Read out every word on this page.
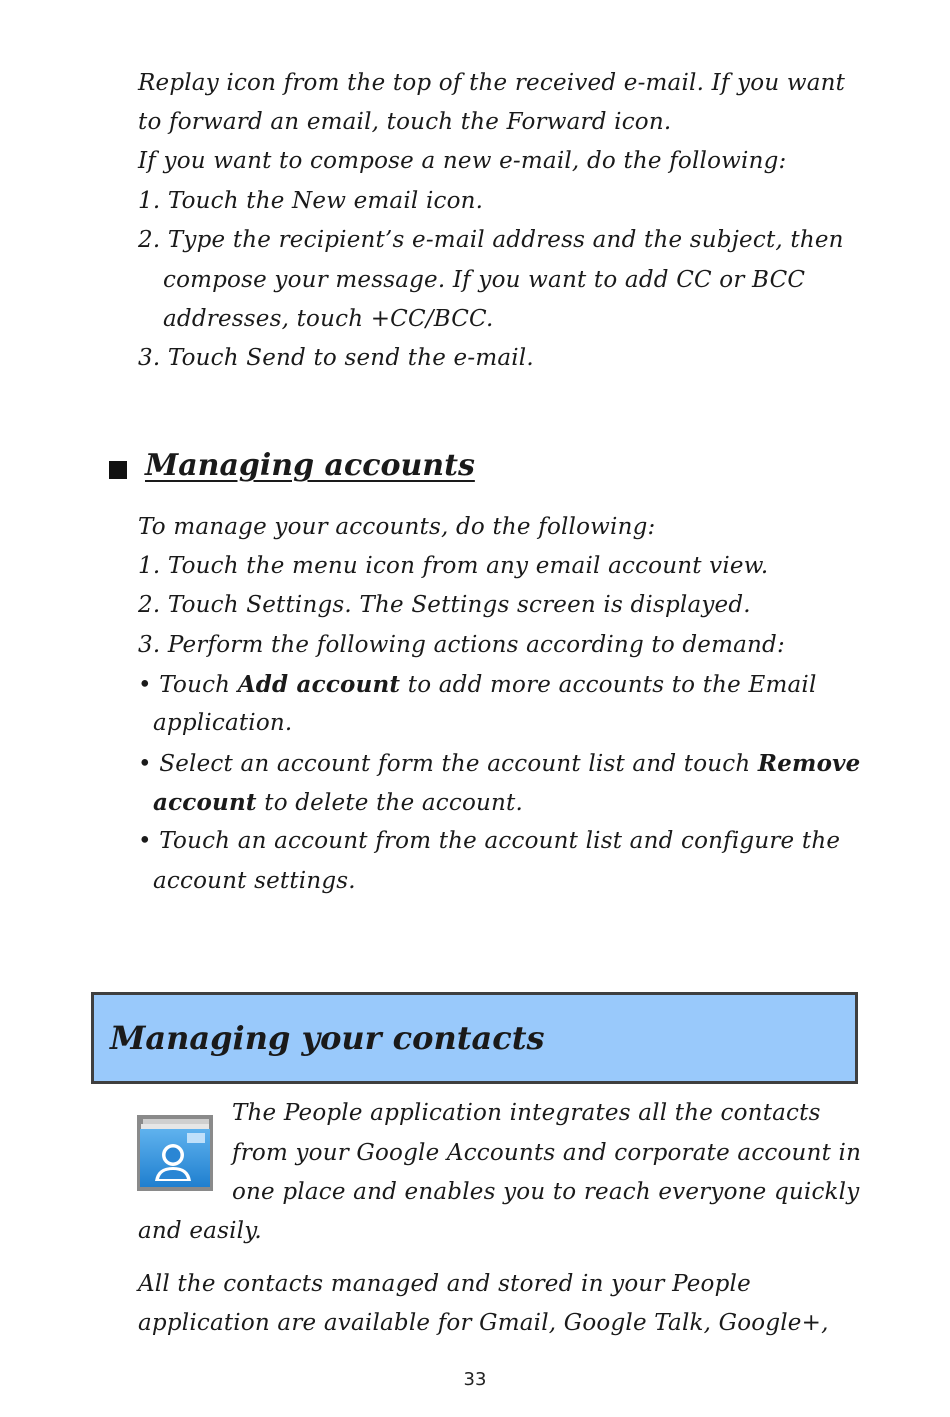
Replay icon from the top of the received e-mail. If you want
to forward an email, touch the Forward icon.
If you want to compose a new e-mail, do the following:
1. Touch the New email icon.
2. Type the recipient’s e-mail address and the subject, then
compose your message. If you want to add CC or BCC
addresses, touch +CC/BCC.
3. Touch Send to send the e-mail.
Managing accounts
To manage your accounts, do the following:
1. Touch the menu icon from any email account view.
2. Touch Settings. The Settings screen is displayed.
3. Perform the following actions according to demand:
• Touch Add account to add more accounts to the Email
application.
• Select an account form the account list and touch Remove
account to delete the account.
• Touch an account from the account list and configure the
account settings.
Managing your contacts
The People application integrates all the contacts
from your Google Accounts and corporate account in
one place and enables you to reach everyone quickly
and easily.
All the contacts managed and stored in your People
application are available for Gmail, Google Talk, Google+,
33
